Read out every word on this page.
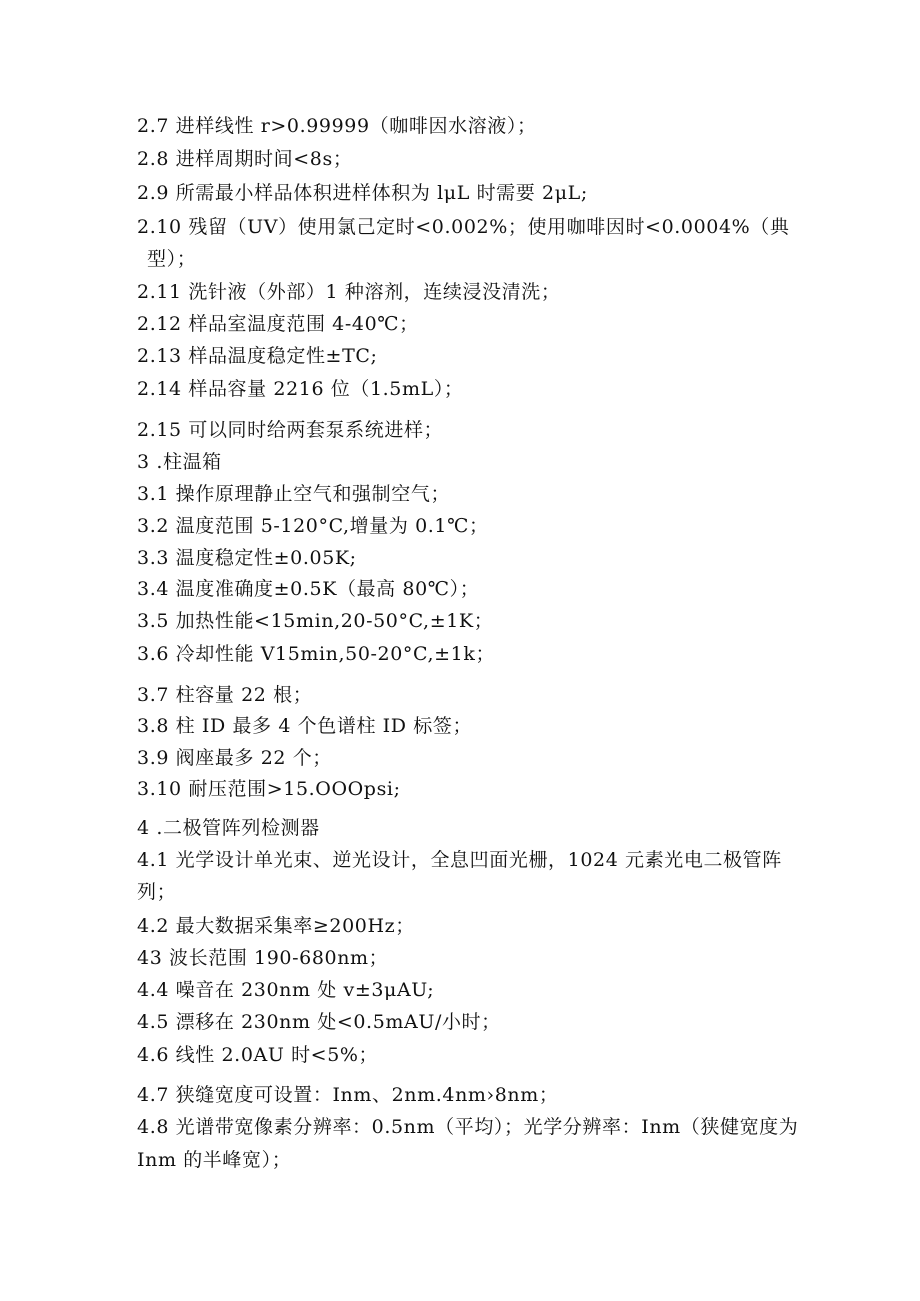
2.7 进样线性 r>0.99999（咖啡因水溶液）；
2.8 进样周期时间<8s；
2.9 所需最小样品体积进样体积为 lμL 时需要 2μL;
2.10 残留（UV）使用氯己定时<0.002%；使用咖啡因时<0.0004%（典
型）；
2.11 洗针液（外部）1 种溶剂，连续浸没清洗；
2.12 样品室温度范围 4-40℃；
2.13 样品温度稳定性±TC;
2.14 样品容量 2216 位（1.5mL）；
2.15 可以同时给两套泵系统进样；
3 .柱温箱
3.1 操作原理静止空气和强制空气；
3.2 温度范围 5-120°C,增量为 0.1℃；
3.3 温度稳定性±0.05K;
3.4 温度准确度±0.5K（最高 80℃）；
3.5 加热性能<15min,20-50°C,±1K；
3.6 冷却性能 V15min,50-20°C,±1k；
3.7 柱容量 22 根；
3.8 柱 ID 最多 4 个色谱柱 ID 标签；
3.9 阀座最多 22 个；
3.10 耐压范围>15.OOOpsi;
4 .二极管阵列检测器
4.1 光学设计单光束、逆光设计，全息凹面光栅，1024 元素光电二极管阵
列；
4.2 最大数据采集率≥200Hz；
43 波长范围 190-680nm；
4.4 噪音在 230nm 处 v±3μAU;
4.5 漂移在 230nm 处<0.5mAU/小时；
4.6 线性 2.0AU 时<5%；
4.7 狭缝宽度可设置：Inm、2nm.4nm›8nm；
4.8 光谱带宽像素分辨率：0.5nm（平均）；光学分辨率：Inm（狭健宽度为
Inm 的半峰宽）；
